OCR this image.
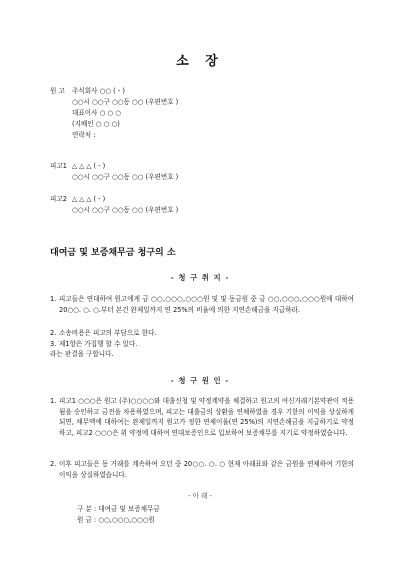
소 장
원 고 주식회사 ○○ ( - )
○○시 ○○구 ○○동 ○○ (우편번호 )
대표이사 ○ ○ ○
(지배인 ○ ○ ○)
연락처 :
피고1 △ △ △ ( - )
○○시 ○○구 ○○동 ○○ (우편번호 )
피고2 △ △ △ ( - )
○○시 ○○구 ○○동 ○○ (우편번호 )
대여금 및 보증채무금 청구의 소
- 청 구 취 지 -
1. 피고들은 연대하여 원고에게 금 ○○,○○○,○○○원 및 및 동금원 중 금 ○○,○○○,○○○원에 대하여 20○○. ○. ○.부터 본건 완제일까지 연 25%의 비율에 의한 지연손해금을 지급하라.
2. 소송비용은 피고의 부담으로 한다.
3. 제1항은 가집행 할 수 있다.
라는 판결을 구합니다.
- 청 구 원 인 -
1. 피고1 ○○○은 원고 (주)○○○○와 대출신청 및 약정계약을 체결하고 원고의 여신거래기본약관이 적용됨을 승인하고 금전을 차용하였으며, 피고는 대출금의 상환을 연체하였을 경우 기한의 이익을 상실하게 되면, 채무액에 대하여는 완제일까지 원고가 정한 연체이율(연 25%)의 지연손해금을 지급하기로 약정하고, 피고2 ○○○은 위 약정에 대하여 연대보증인으로 입보하여 보증채무를 지기로 약정하였습니다.
2. 이후 피고들은 동 거래를 계속하여 오던 중 20○○. ○. ○ 현재 아래표와 같은 금원을 연체하여 기한의 이익을 상실하였습니다.
- 아 래 -
구 분 : 대여금 및 보증채무금
원 금 : ○○,○○○,○○○원
